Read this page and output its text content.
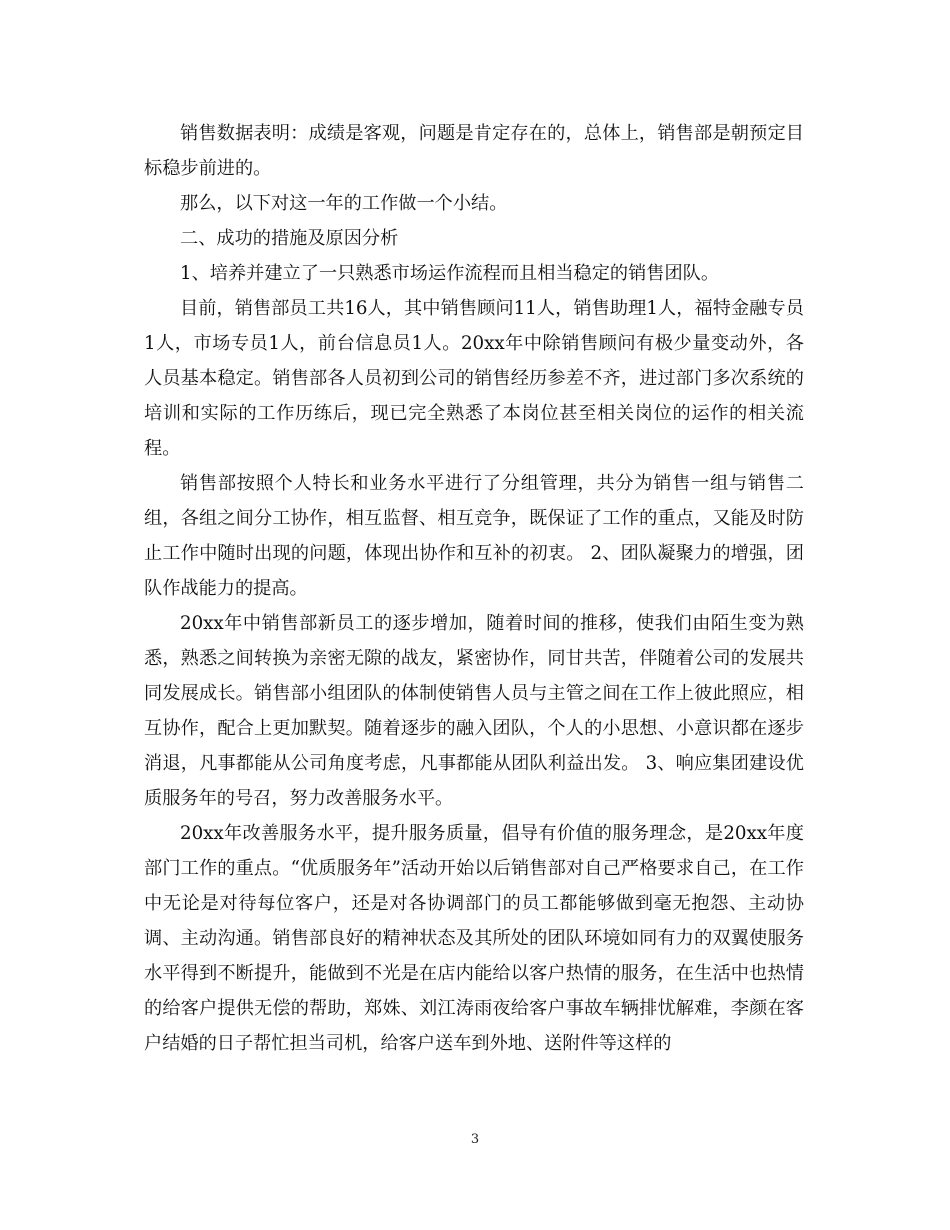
销售数据表明：成绩是客观，问题是肯定存在的，总体上，销售部是朝预定目标稳步前进的。

那么，以下对这一年的工作做一个小结。

二、成功的措施及原因分析

1、培养并建立了一只熟悉市场运作流程而且相当稳定的销售团队。

目前，销售部员工共16人，其中销售顾问11人，销售助理1人，福特金融专员1人，市场专员1人，前台信息员1人。20xx年中除销售顾问有极少量变动外，各人员基本稳定。销售部各人员初到公司的销售经历参差不齐，进过部门多次系统的培训和实际的工作历练后，现已完全熟悉了本岗位甚至相关岗位的运作的相关流程。

销售部按照个人特长和业务水平进行了分组管理，共分为销售一组与销售二组，各组之间分工协作，相互监督、相互竞争，既保证了工作的重点，又能及时防止工作中随时出现的问题，体现出协作和互补的初衷。 2、团队凝聚力的增强，团队作战能力的提高。

20xx年中销售部新员工的逐步增加，随着时间的推移，使我们由陌生变为熟悉，熟悉之间转换为亲密无隙的战友，紧密协作，同甘共苦，伴随着公司的发展共同发展成长。销售部小组团队的体制使销售人员与主管之间在工作上彼此照应，相互协作，配合上更加默契。随着逐步的融入团队，个人的小思想、小意识都在逐步消退，凡事都能从公司角度考虑，凡事都能从团队利益出发。 3、响应集团建设优质服务年的号召，努力改善服务水平。

20xx年改善服务水平，提升服务质量，倡导有价值的服务理念，是20xx年度部门工作的重点。“优质服务年”活动开始以后销售部对自己严格要求自己，在工作中无论是对待每位客户，还是对各协调部门的员工都能够做到毫无抱怨、主动协调、主动沟通。销售部良好的精神状态及其所处的团队环境如同有力的双翼使服务水平得到不断提升，能做到不光是在店内能给以客户热情的服务，在生活中也热情的给客户提供无偿的帮助，郑姝、刘江涛雨夜给客户事故车辆排忧解难，李颜在客户结婚的日子帮忙担当司机，给客户送车到外地、送附件等这样的

3
